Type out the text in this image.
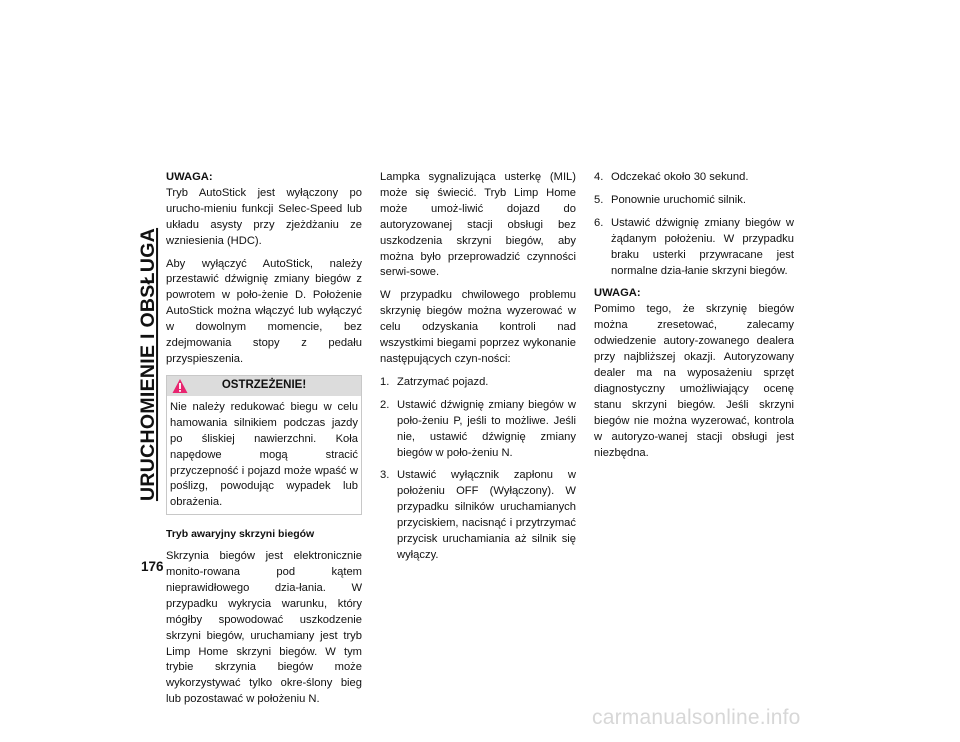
URUCHOMIENIE I OBSŁUGA
176

UWAGA:

Tryb AutoStick jest wyłączony po urucho-mieniu funkcji Selec-Speed lub układu asysty przy zjeżdżaniu ze wzniesienia (HDC).

Aby wyłączyć AutoStick, należy przestawić dźwignię zmiany biegów z powrotem w poło-żenie D. Położenie AutoStick można włączyć lub wyłączyć w dowolnym momencie, bez zdejmowania stopy z pedału przyspieszenia.

OSTRZEŻENIE!

Nie należy redukować biegu w celu hamowania silnikiem podczas jazdy po śliskiej nawierzchni. Koła napędowe mogą stracić przyczepność i pojazd może wpaść w poślizg, powodując wypadek lub obrażenia.

Tryb awaryjny skrzyni biegów

Skrzynia biegów jest elektronicznie monito-rowana pod kątem nieprawidłowego dzia-łania. W przypadku wykrycia warunku, który mógłby spowodować uszkodzenie skrzyni biegów, uruchamiany jest tryb Limp Home skrzyni biegów. W tym trybie skrzynia biegów może wykorzystywać tylko okre-ślony bieg lub pozostawać w położeniu N.

Lampka sygnalizująca usterkę (MIL) może się świecić. Tryb Limp Home może umoż-liwić dojazd do autoryzowanej stacji obsługi bez uszkodzenia skrzyni biegów, aby można było przeprowadzić czynności serwi-sowe.

W przypadku chwilowego problemu skrzynię biegów można wyzerować w celu odzyskania kontroli nad wszystkimi biegami poprzez wykonanie następujących czyn-ności:

1. Zatrzymać pojazd.
2. Ustawić dźwignię zmiany biegów w poło-żeniu P, jeśli to możliwe. Jeśli nie, ustawić dźwignię zmiany biegów w poło-żeniu N.
3. Ustawić wyłącznik zapłonu w położeniu OFF (Wyłączony). W przypadku silników uruchamianych przyciskiem, nacisnąć i przytrzymać przycisk uruchamiania aż silnik się wyłączy.
4. Odczekać około 30 sekund.
5. Ponownie uruchomić silnik.
6. Ustawić dźwignię zmiany biegów w żądanym położeniu. W przypadku braku usterki przywracane jest normalne dzia-łanie skrzyni biegów.

UWAGA:

Pomimo tego, że skrzynię biegów można zresetować, zalecamy odwiedzenie autory-zowanego dealera przy najbliższej okazji. Autoryzowany dealer ma na wyposażeniu sprzęt diagnostyczny umożliwiający ocenę stanu skrzyni biegów. Jeśli skrzyni biegów nie można wyzerować, kontrola w autoryzo-wanej stacji obsługi jest niezbędna.

carmanualsonline.info
